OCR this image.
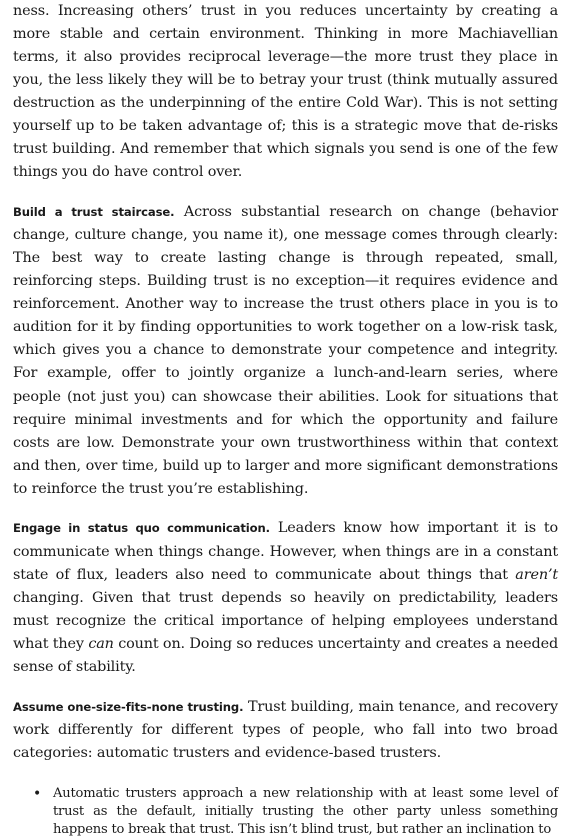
ness. Increasing others’ trust in you reduces uncertainty by creating a more stable and certain environment. Thinking in more Machiavellian terms, it also provides reciprocal leverage—the more trust they place in you, the less likely they will be to betray your trust (think mutually assured destruction as the underpinning of the entire Cold War). This is not setting yourself up to be taken advantage of; this is a strategic move that de-risks trust building. And remember that which signals you send is one of the few things you do have control over.

Build a trust staircase. Across substantial research on change (behavior change, culture change, you name it), one message comes through clearly: The best way to create lasting change is through repeated, small, reinforcing steps. Building trust is no exception—it requires evidence and reinforcement. Another way to increase the trust others place in you is to audition for it by finding opportunities to work together on a low-risk task, which gives you a chance to demonstrate your competence and integrity. For example, offer to jointly organize a lunch-and-learn series, where people (not just you) can showcase their abilities. Look for situations that require minimal investments and for which the opportunity and failure costs are low. Demonstrate your own trustworthiness within that context and then, over time, build up to larger and more significant demonstrations to reinforce the trust you’re establishing.

Engage in status quo communication. Leaders know how important it is to communicate when things change. However, when things are in a constant state of flux, leaders also need to communicate about things that aren’t changing. Given that trust depends so heavily on predictability, leaders must recognize the critical importance of helping employees understand what they can count on. Doing so reduces uncertainty and creates a needed sense of stability.

Assume one-size-fits-none trusting. Trust building, main tenance, and recovery work differently for different types of people, who fall into two broad categories: automatic trusters and evidence-based trusters.

• Automatic trusters approach a new relationship with at least some level of trust as the default, initially trusting the other party unless something happens to break that trust. This isn’t blind trust, but rather an inclination to
